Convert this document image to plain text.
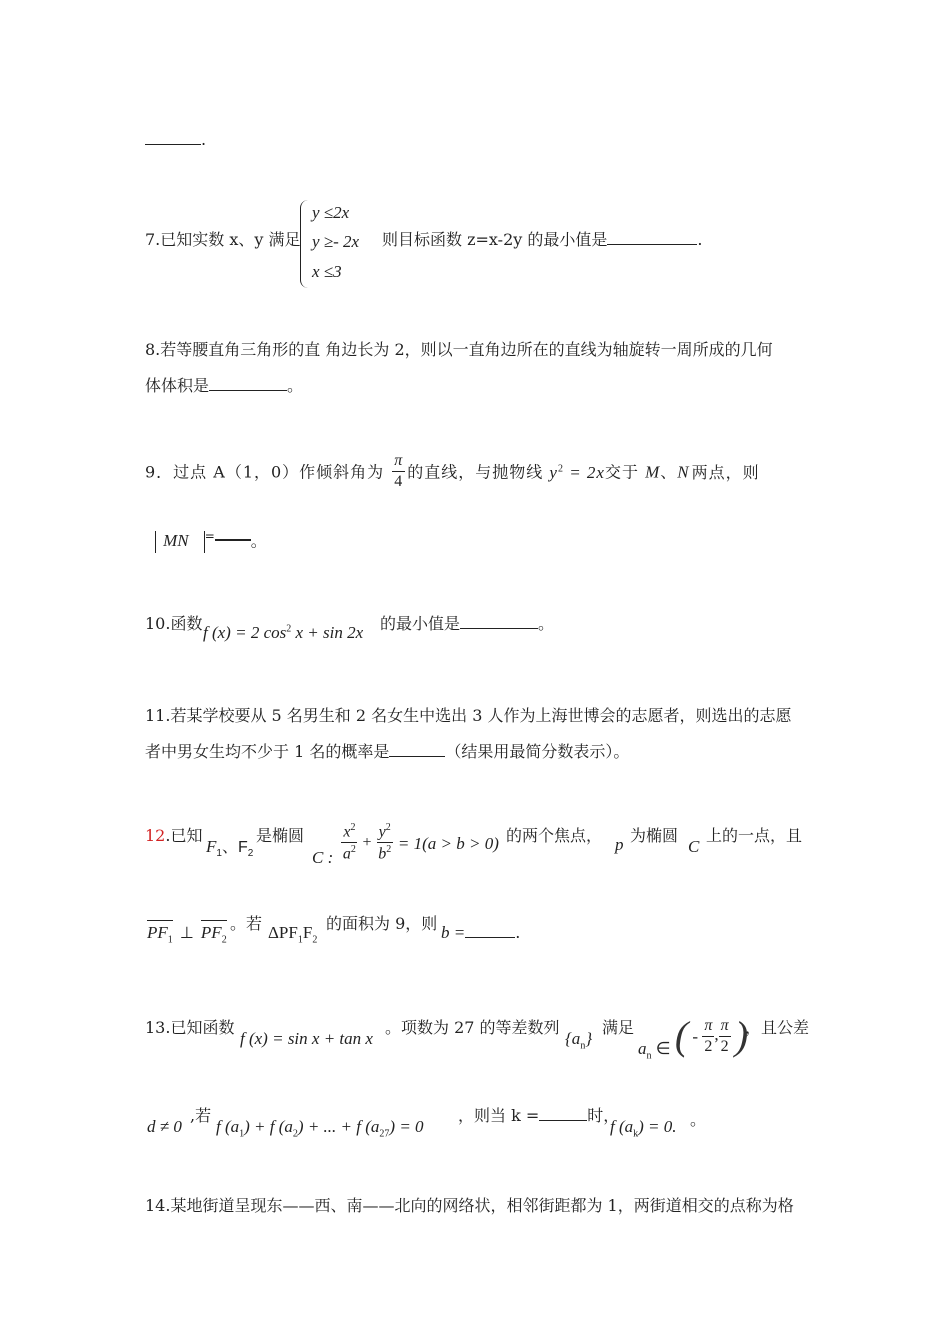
.
7.已知实数 x、y 满足
y ≤2x
y ≥- 2x
x ≤3
则目标函数 z=x-2y 的最小值是	.
8.若等腰直角三角形的直 角边长为 2，则以一直角边所在的直线为轴旋转一周所成的几何
体体积是	。
9．过点 A（1，0）作倾斜角为 $\frac{\pi}{4}$ 的直线，与抛物线 $y^2 = 2x$交于 M、N 两点，则
MN = 。
10.函数 f (x) = 2 $\cos^2 x + \sin 2x$ 的最小值是	。
11.若某学校要从 5 名男生和 2 名女生中选出 3 人作为上海世博会的志愿者，则选出的志愿
者中男女生均不少于 1 名的概率是	（结果用最简分数表示）。
12.已知
$F_1$、$F_2$
是椭圆
C : $\frac{x^2}{a^2} + \frac{y^2}{b^2} = 1(a > b > 0)$ 的两个焦点， p 为椭圆
C
上的一点，且
$PF_1$ ⊥ $PF_2$
。若 $\Delta PF_1F_2$
的面积为 9，则 b =	.
13.已知函数
f (x) = sin x + tan x
。项数为 27 的等差数列
$\{a_n\}$
满足
$a_n$ ∈ ( - $\frac{\pi}{2}$ , $\frac{\pi}{2}$ )
，且公差
d ≠ 0
,若
f $(a_1) + f$ $(a_2)$ + ... + f $(a_{27}) = 0$
，则当 k =	时，
f $(a_k) = 0$. 。
14.某地街道呈现东——西、南——北向的网络状，相邻街距都为 1，两街道相交的点称为格
